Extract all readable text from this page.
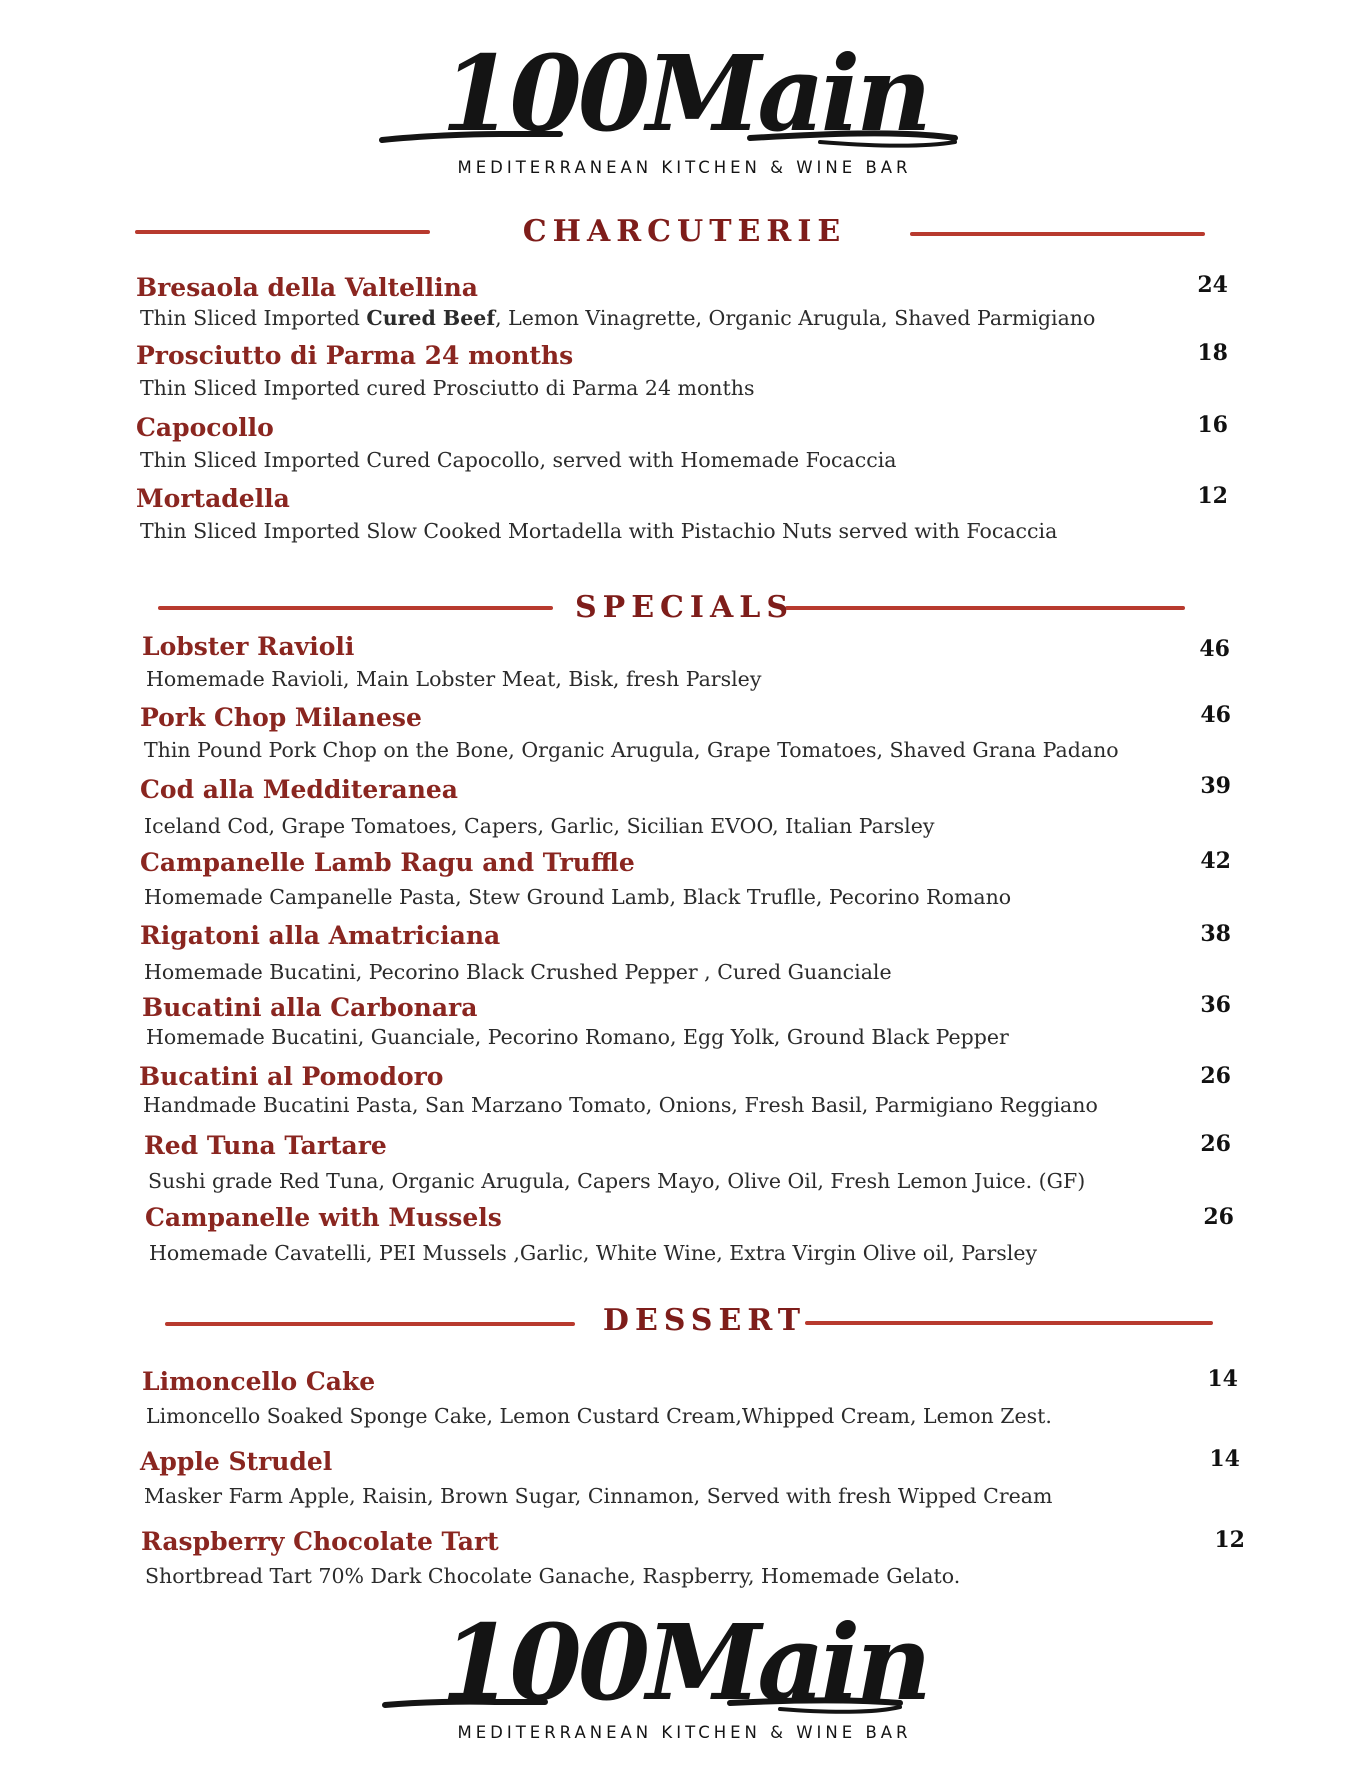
100Main
MEDITERRANEAN KITCHEN & WINE BAR
CHARCUTERIE
Bresaola della Valtellina
Thin Sliced Imported Cured Beef, Lemon Vinagrette, Organic Arugula, Shaved Parmigiano
24
Prosciutto di Parma 24 months
Thin Sliced Imported cured Prosciutto di Parma 24 months
18
Capocollo
Thin Sliced Imported Cured Capocollo, served with Homemade Focaccia
16
Mortadella
Thin Sliced Imported Slow Cooked Mortadella with Pistachio Nuts served with Focaccia
12
SPECIALS
Lobster Ravioli
Homemade Ravioli, Main Lobster Meat, Bisk, fresh Parsley
46
Pork Chop Milanese
Thin Pound Pork Chop on the Bone, Organic Arugula, Grape Tomatoes, Shaved Grana Padano
46
Cod alla Medditeranea
Iceland Cod, Grape Tomatoes, Capers, Garlic, Sicilian EVOO, Italian Parsley
39
Campanelle Lamb Ragu and Truffle
Homemade Campanelle Pasta, Stew Ground Lamb, Black Truflle, Pecorino Romano
42
Rigatoni alla Amatriciana
Homemade Bucatini, Pecorino Black Crushed Pepper , Cured Guanciale
38
Bucatini alla Carbonara
Homemade Bucatini, Guanciale, Pecorino Romano, Egg Yolk, Ground Black Pepper
36
Bucatini al Pomodoro
Handmade Bucatini Pasta, San Marzano Tomato, Onions, Fresh Basil, Parmigiano Reggiano
26
Red Tuna Tartare
Sushi grade Red Tuna, Organic Arugula, Capers Mayo, Olive Oil, Fresh Lemon Juice. (GF)
26
Campanelle with Mussels
Homemade Cavatelli, PEI Mussels ,Garlic, White Wine, Extra Virgin Olive oil, Parsley
26
DESSERT
Limoncello Cake
Limoncello Soaked Sponge Cake, Lemon Custard Cream,Whipped Cream, Lemon Zest.
14
Apple Strudel
Masker Farm Apple, Raisin, Brown Sugar, Cinnamon, Served with fresh Wipped Cream
14
Raspberry Chocolate Tart
Shortbread Tart 70% Dark Chocolate Ganache, Raspberry, Homemade Gelato.
12
100Main
MEDITERRANEAN KITCHEN & WINE BAR
